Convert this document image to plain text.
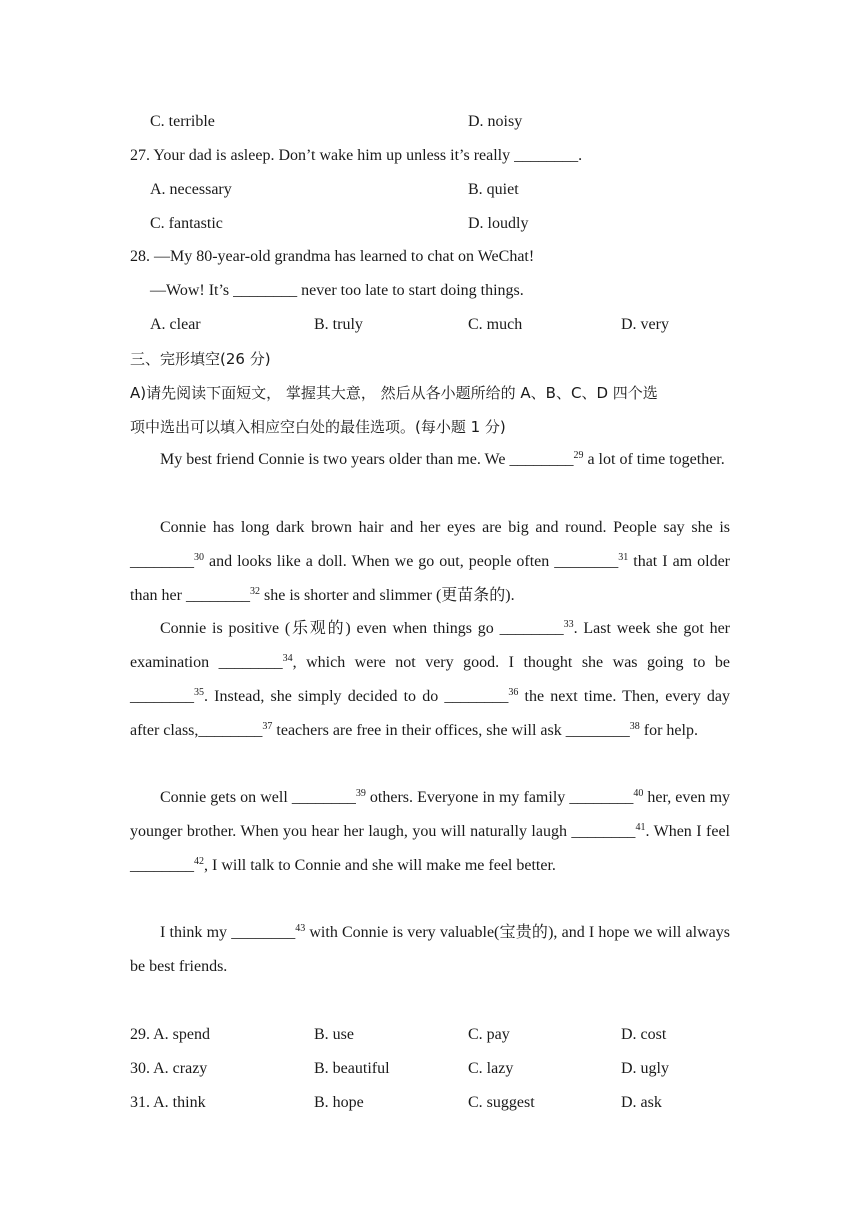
C. terrible	D. noisy
27. Your dad is asleep. Don’t wake him up unless it’s really ________.
A. necessary	B. quiet
C. fantastic	D. loudly
28. —My 80-year-old grandma has learned to chat on WeChat!
—Wow! It’s ________ never too late to start doing things.
A. clear	B. truly	C. much	D. very
三、完形填空(26 分)
A)请先阅读下面短文， 掌握其大意， 然后从各小题所给的 A、B、C、D 四个选
项中选出可以填入相应空白处的最佳选项。(每小题 1 分)
My best friend Connie is two years older than me. We ________$^{29}$ a lot of time together.
Connie has long dark brown hair and her eyes are big and round. People say she is ________$^{30}$ and looks like a doll. When we go out, people often ________$^{31}$ that I am older than her ________$^{32}$ she is shorter and slimmer (更苗条的).
Connie is positive (乐观的) even when things go ________$^{33}$. Last week she got her examination ________$^{34}$, which were not very good. I thought she was going to be ________$^{35}$. Instead, she simply decided to do ________$^{36}$ the next time. Then, every day after class,________$^{37}$ teachers are free in their offices, she will ask ________$^{38}$ for help.
Connie gets on well ________$^{39}$ others. Everyone in my family ________$^{40}$ her, even my younger brother. When you hear her laugh, you will naturally laugh ________$^{41}$. When I feel ________$^{42}$, I will talk to Connie and she will make me feel better.
I think my ________$^{43}$ with Connie is very valuable(宝贵的), and I hope we will always be best friends.
29. A. spend	B. use	C. pay	D. cost
30. A. crazy	B. beautiful	C. lazy	D. ugly
31. A. think	B. hope	C. suggest	D. ask
